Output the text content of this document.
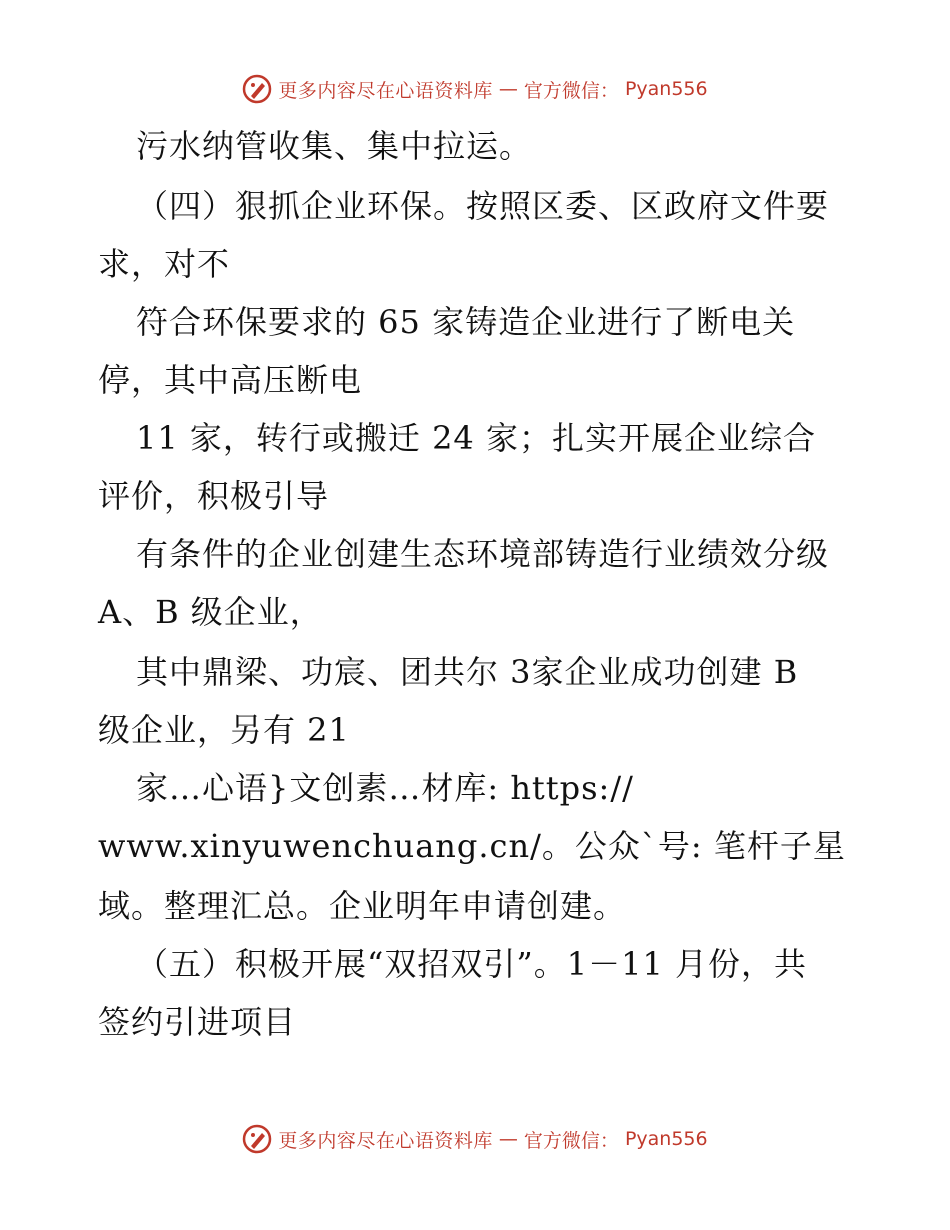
更多内容尽在心语资料库 — 官方微信： Pyan556
污水纳管收集、集中拉运。
（四）狠抓企业环保。按照区委、区政府文件要
求，对不
符合环保要求的 65 家铸造企业进行了断电关
停，其中高压断电
11 家，转行或搬迁 24 家；扎实开展企业综合
评价，积极引导
有条件的企业创建生态环境部铸造行业绩效分级
A、B 级企业，
其中鼎梁、功宸、团共尔 3家企业成功创建 B
级企业，另有 21
家…心语}文创素…材库: https://
www.xinyuwenchuang.cn/。公众`号: 笔杆子星
域。整理汇总。企业明年申请创建。
（五）积极开展“双招双引”。1－11 月份，共
签约引进项目
更多内容尽在心语资料库 — 官方微信： Pyan556
